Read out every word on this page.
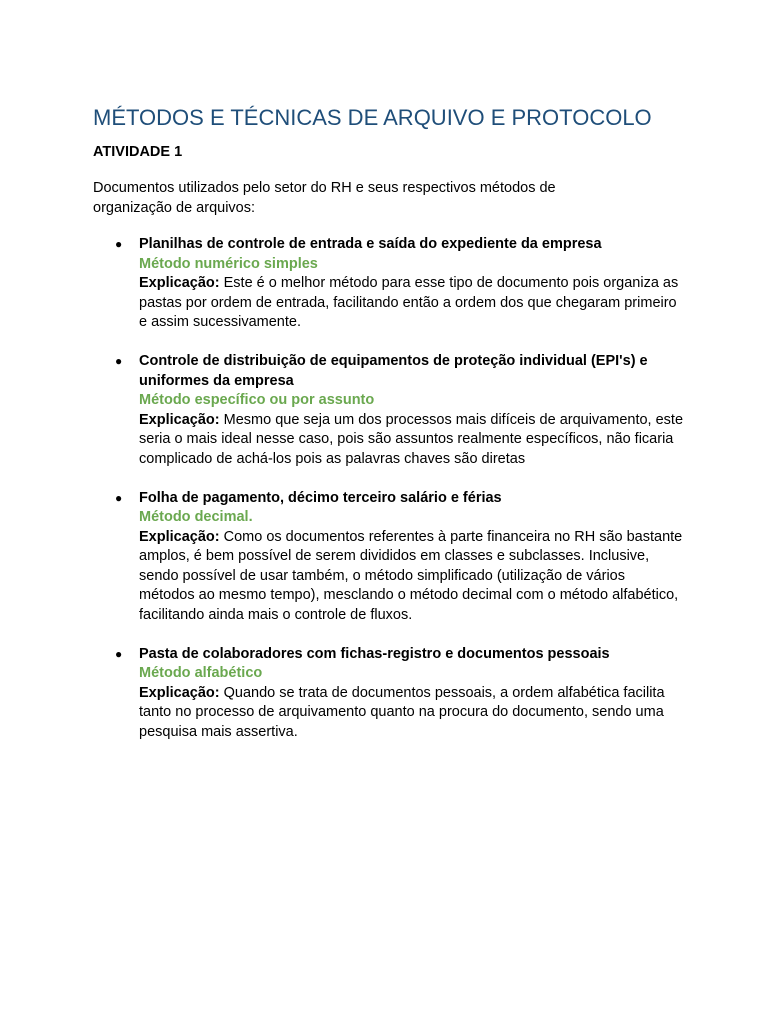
MÉTODOS E TÉCNICAS DE ARQUIVO E PROTOCOLO

ATIVIDADE 1

Documentos utilizados pelo setor do RH e seus respectivos métodos de organização de arquivos:

● Planilhas de controle de entrada e saída do expediente da empresa
Método numérico simples
Explicação: Este é o melhor método para esse tipo de documento pois organiza as pastas por ordem de entrada, facilitando então a ordem dos que chegaram primeiro e assim sucessivamente.
● Controle de distribuição de equipamentos de proteção individual (EPI's) e uniformes da empresa
Método específico ou por assunto
Explicação: Mesmo que seja um dos processos mais difíceis de arquivamento, este seria o mais ideal nesse caso, pois são assuntos realmente específicos, não ficaria complicado de achá-los pois as palavras chaves são diretas
● Folha de pagamento, décimo terceiro salário e férias
Método decimal.
Explicação: Como os documentos referentes à parte financeira no RH são bastante amplos, é bem possível de serem divididos em classes e subclasses. Inclusive, sendo possível de usar também, o método simplificado (utilização de vários métodos ao mesmo tempo), mesclando o método decimal com o método alfabético, facilitando ainda mais o controle de fluxos.
● Pasta de colaboradores com fichas-registro e documentos pessoais
Método alfabético
Explicação: Quando se trata de documentos pessoais, a ordem alfabética facilita tanto no processo de arquivamento quanto na procura do documento, sendo uma pesquisa mais assertiva.
